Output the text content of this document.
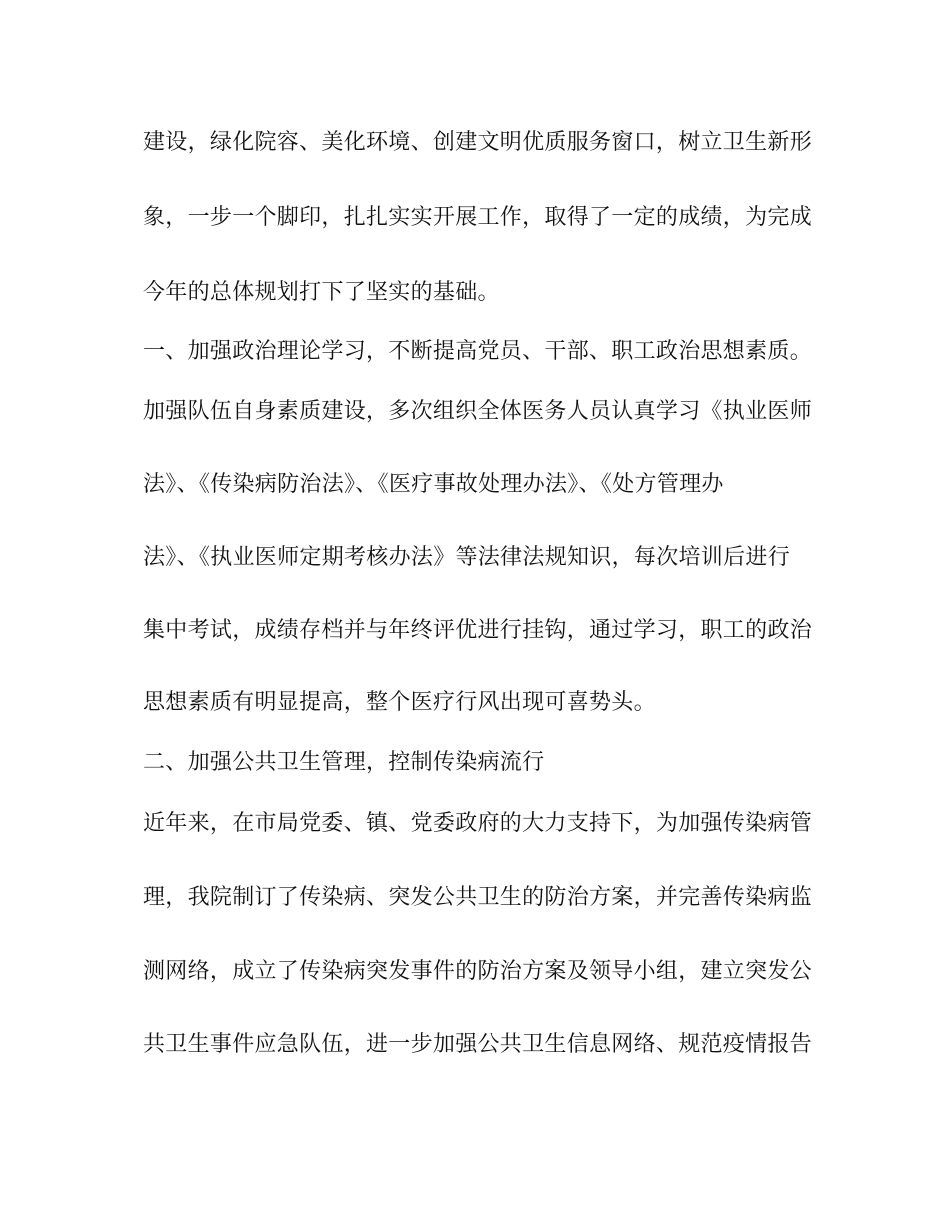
建设，绿化院容、美化环境、创建文明优质服务窗口，树立卫生新形
象，一步一个脚印，扎扎实实开展工作，取得了一定的成绩，为完成
今年的总体规划打下了坚实的基础。
一、加强政治理论学习，不断提高党员、干部、职工政治思想素质。
加强队伍自身素质建设，多次组织全体医务人员认真学习《执业医师
法》、《传染病防治法》、《医疗事故处理办法》、《处方管理办
法》、《执业医师定期考核办法》等法律法规知识，每次培训后进行
集中考试，成绩存档并与年终评优进行挂钩，通过学习，职工的政治
思想素质有明显提高，整个医疗行风出现可喜势头。
二、加强公共卫生管理，控制传染病流行
近年来，在市局党委、镇、党委政府的大力支持下，为加强传染病管
理，我院制订了传染病、突发公共卫生的防治方案，并完善传染病监
测网络，成立了传染病突发事件的防治方案及领导小组，建立突发公
共卫生事件应急队伍，进一步加强公共卫生信息网络、规范疫情报告
